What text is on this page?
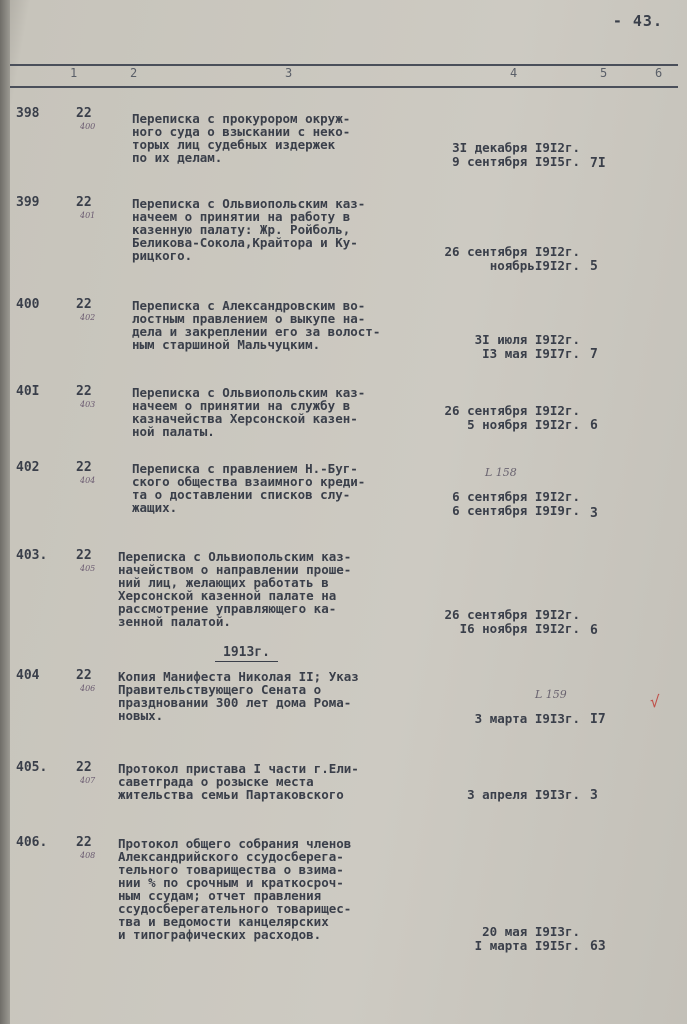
- 43.
1	2	3	4	5	6
398	22
400
Переписка с прокурором окруж-
ного суда о взыскании с неко-
торых лиц судебных издержек
по их делам.
3I декабря I9I2г.
9 сентября I9I5г. 7I
399	22
401
Переписка с Ольвиопольским каз-
начеем о принятии на работу в
казенную палату: Жр. Ройболь,
Беликова-Сокола,Крайтора и Ку-
рицкого.	26 сентября I9I2г.
ноябрьI9I2г. 5
400	22
402
Переписка с Александровским во-
лостным правлением о выкупе на-
дела и закреплении его за волост-
ным старшиной Мальчуцким.	3I июля I9I2г.
I3 мая I9I7г. 7
40I	22
403
Переписка с Ольвиопольским каз-
начеем о принятии на службу в
казначейства Херсонской казен-
ной палаты.
26 сентября I9I2г.
5 ноября I9I2г. 6
402	22
404
Переписка с правлением Н.-Буг-
ского общества взаимного креди-
та о доставлении списков слу-
жащих.
6 сентября I9I2г.
6 сентября I9I9г. 3
L 158
403. 22
405
Переписка с Ольвиопольским каз-
начейством о направлении проше-
ний лиц, желающих работать в
Херсонской казенной палате на
рассмотрение управляющего ка-
зенной палатой.	26 сентября I9I2г.
I6 ноября I9I2г. 6
1913г.
404	22
406
Копия Манифеста Николая II; Указ
Правительствующего Сената о
праздновании 300 лет дома Рома-
новых.	3 марта I9I3г. I7
L 159	√
405. 22
407
Протокол пристава I части г.Ели-
саветграда о розыске места
жительства семьи Партаковского	3 апреля I9I3г. 3
406. 22
408
Протокол общего собрания членов
Александрийского ссудосберега-
тельного товарищества о взима-
нии % по срочным и краткосроч-
ным ссудам; отчет правления
ссудосберегательного товарищес-
тва и ведомости канцелярских
и типографических расходов.	20 мая I9I3г.
I марта I9I5г. 63
